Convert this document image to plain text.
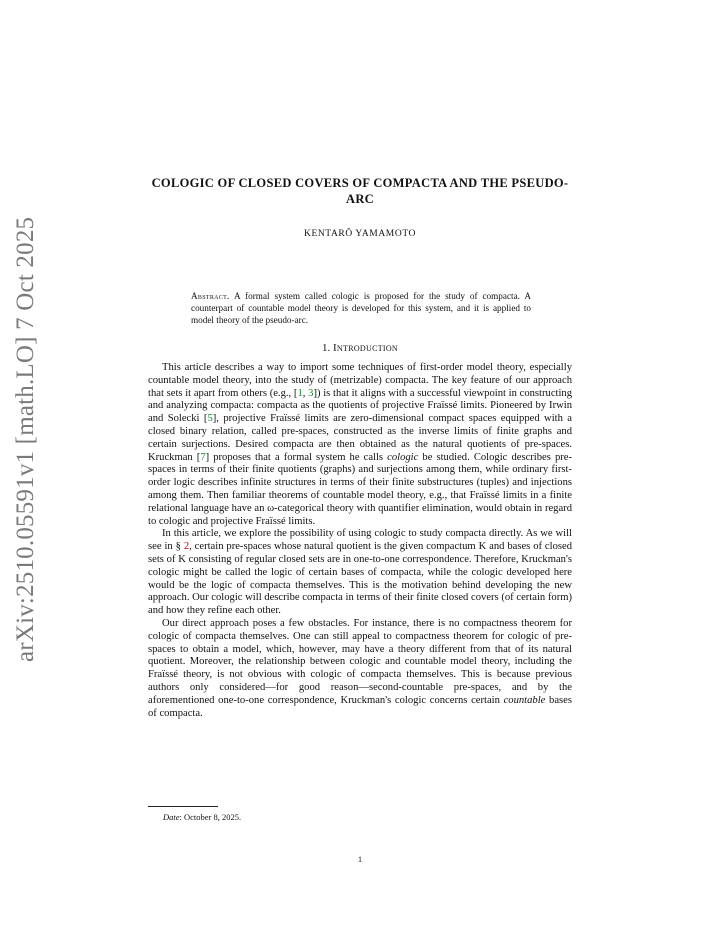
arXiv:2510.05591v1 [math.LO] 7 Oct 2025
COLOGIC OF CLOSED COVERS OF COMPACTA AND THE PSEUDO-ARC
KENTARŌ YAMAMOTO
Abstract. A formal system called cologic is proposed for the study of compacta. A counterpart of countable model theory is developed for this system, and it is applied to model theory of the pseudo-arc.
1. Introduction

This article describes a way to import some techniques of first-order model theory, especially countable model theory, into the study of (metrizable) compacta. The key feature of our approach that sets it apart from others (e.g., [1, 3]) is that it aligns with a successful viewpoint in constructing and analyzing compacta: compacta as the quotients of projective Fraïssé limits. Pioneered by Irwin and Solecki [5], projective Fraïssé limits are zero-dimensional compact spaces equipped with a closed binary relation, called pre-spaces, constructed as the inverse limits of finite graphs and certain surjections. Desired compacta are then obtained as the natural quotients of pre-spaces. Kruckman [7] proposes that a formal system he calls cologic be studied. Cologic describes pre-spaces in terms of their finite quotients (graphs) and surjections among them, while ordinary first-order logic describes infinite structures in terms of their finite substructures (tuples) and injections among them. Then familiar theorems of countable model theory, e.g., that Fraïssé limits in a finite relational language have an ω-categorical theory with quantifier elimination, would obtain in regard to cologic and projective Fraïssé limits.

In this article, we explore the possibility of using cologic to study compacta directly. As we will see in § 2, certain pre-spaces whose natural quotient is the given compactum K and bases of closed sets of K consisting of regular closed sets are in one-to-one correspondence. Therefore, Kruckman's cologic might be called the logic of certain bases of compacta, while the cologic developed here would be the logic of compacta themselves. This is the motivation behind developing the new approach. Our cologic will describe compacta in terms of their finite closed covers (of certain form) and how they refine each other.

Our direct approach poses a few obstacles. For instance, there is no compactness theorem for cologic of compacta themselves. One can still appeal to compactness theorem for cologic of pre-spaces to obtain a model, which, however, may have a theory different from that of its natural quotient. Moreover, the relationship between cologic and countable model theory, including the Fraïssé theory, is not obvious with cologic of compacta themselves. This is because previous authors only considered—for good reason—second-countable pre-spaces, and by the aforementioned one-to-one correspondence, Kruckman's cologic concerns certain countable bases of compacta.

Date: October 8, 2025.
1
